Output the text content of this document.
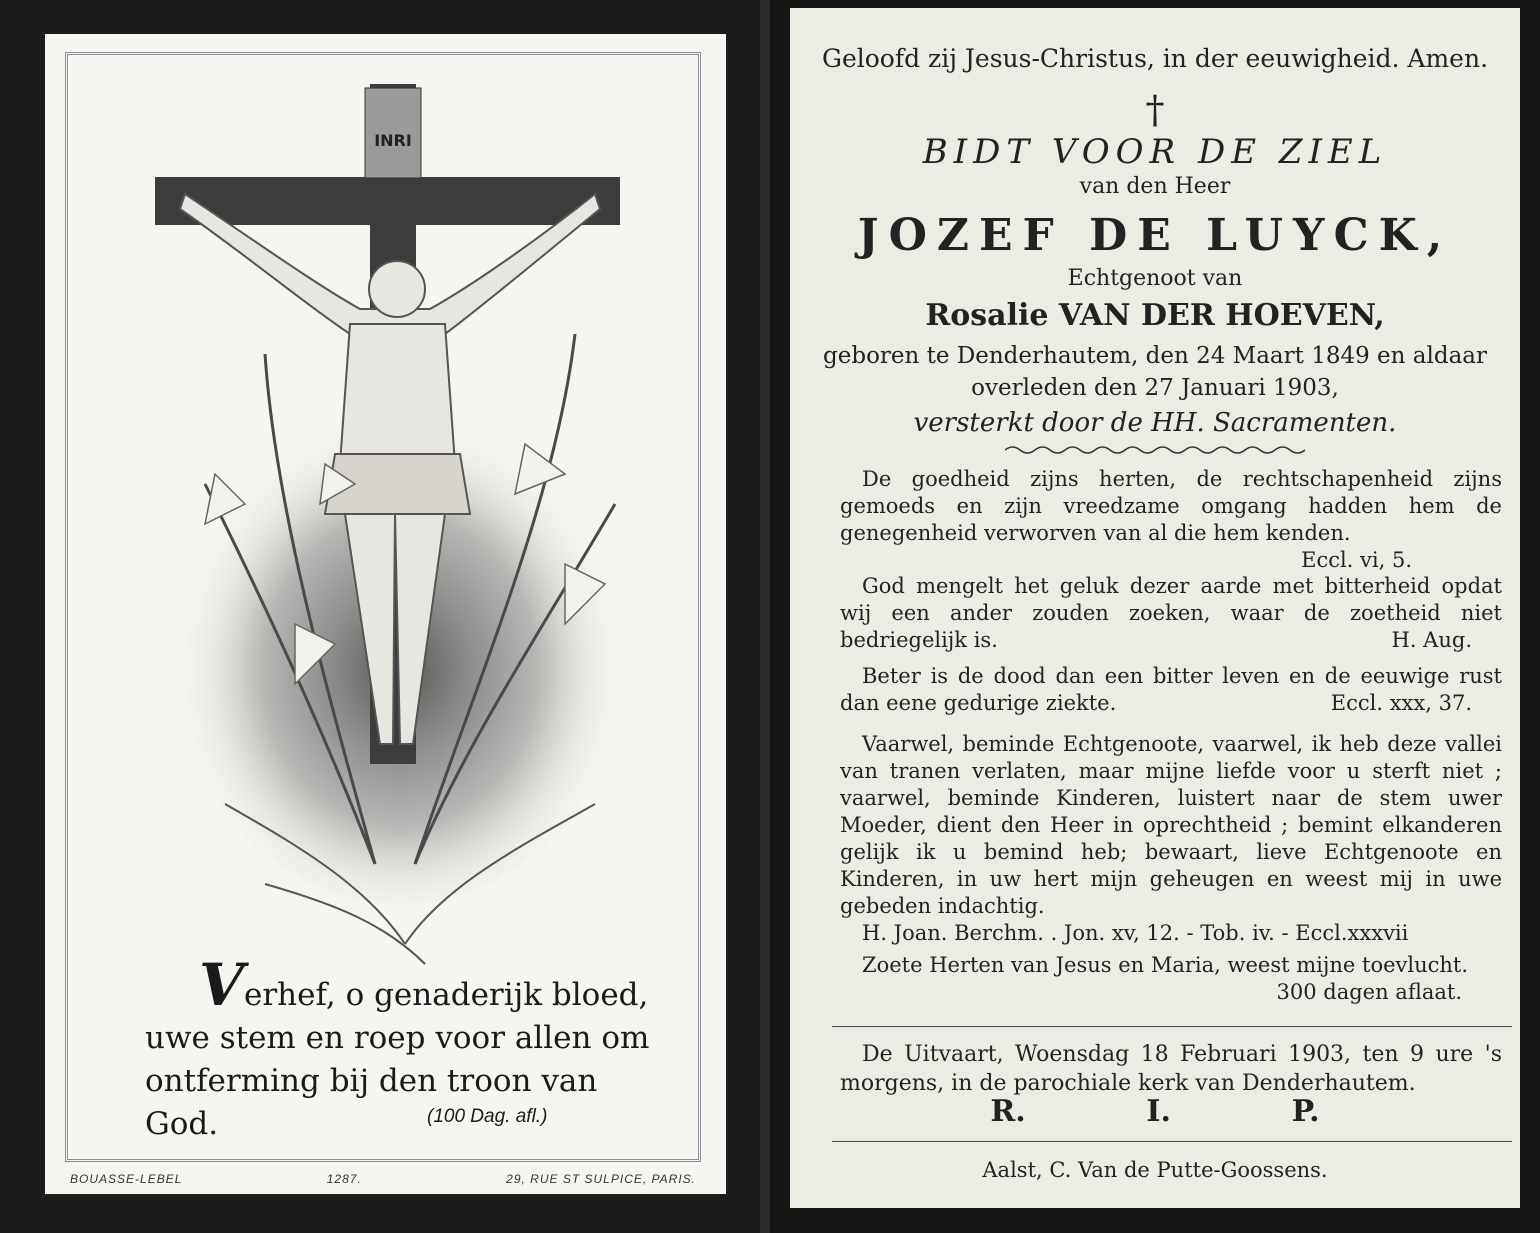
INRI
Verhef, o genaderijk bloed,
uwe stem en roep voor allen om
ontferming bij den troon van God.	(100 Dag. afl.)
BOUASSE-LEBEL	1287.	29, RUE ST SULPICE, PARIS.
Geloofd zij Jesus-Christus, in der eeuwigheid. Amen.
†
BIDT VOOR DE ZIEL
van den Heer
JOZEF DE LUYCK,
Echtgenoot van
Rosalie VAN DER HOEVEN,
geboren te Denderhautem, den 24 Maart 1849 en aldaar
overleden den 27 Januari 1903,
versterkt door de HH. Sacramenten.
De goedheid zijns herten, de rechtschapenheid zijns gemoeds en zijn vreedzame omgang hadden hem de genegenheid verworven van al die hem kenden.
Eccl. vi, 5.
God mengelt het geluk dezer aarde met bitterheid opdat wij een ander zouden zoeken, waar de zoetheid niet bedriegelijk is.	H. Aug.
Beter is de dood dan een bitter leven en de eeuwige rust dan eene gedurige ziekte.	Eccl. xxx, 37.
Vaarwel, beminde Echtgenoote, vaarwel, ik heb deze vallei van tranen verlaten, maar mijne liefde voor u sterft niet ; vaarwel, beminde Kinderen, luistert naar de stem uwer Moeder, dient den Heer in oprechtheid ; bemint elkanderen gelijk ik u bemind heb; bewaart, lieve Echtgenoote en Kinderen, in uw hert mijn geheugen en weest mij in uwe gebeden indachtig.
H. Joan. Berchm. . Jon. xv, 12. - Tob. iv. - Eccl.xxxvii
Zoete Herten van Jesus en Maria, weest mijne toevlucht.
300 dagen aflaat.
De Uitvaart, Woensdag 18 Februari 1903, ten 9 ure 's morgens, in de parochiale kerk van Denderhautem.
R.	I.	P.
Aalst, C. Van de Putte-Goossens.
